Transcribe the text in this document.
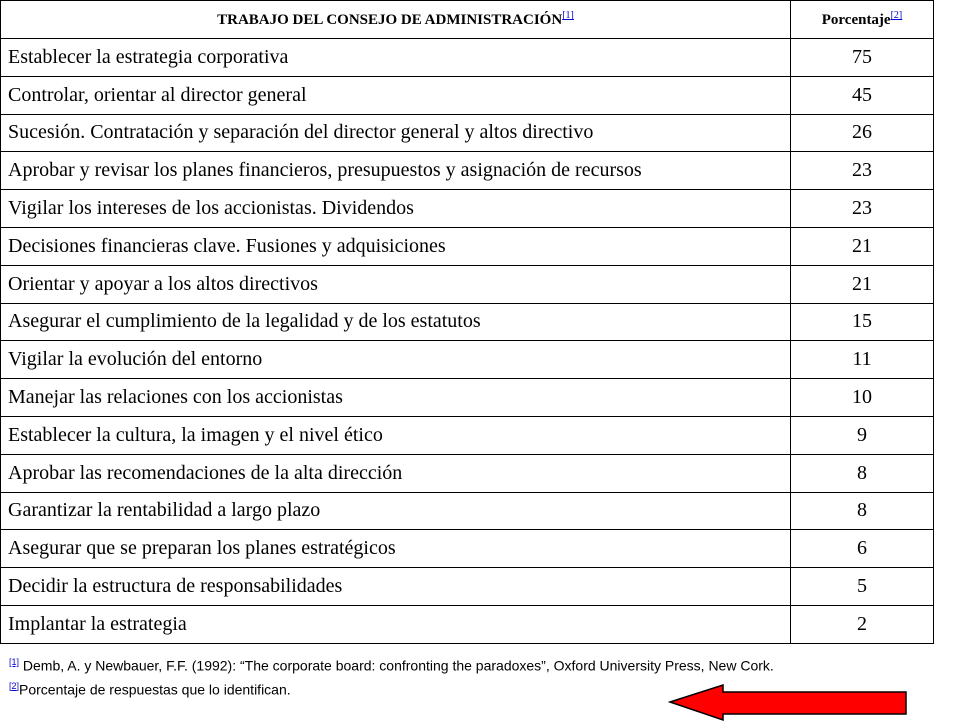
TRABAJO DEL CONSEJO DE ADMINISTRACIÓN[1]	Porcentaje[2]
Establecer la estrategia corporativa	75
Controlar, orientar al director general	45
Sucesión. Contratación y separación del director general y altos directivo	26
Aprobar y revisar los planes financieros, presupuestos y asignación de recursos	23
Vigilar los intereses de los accionistas. Dividendos	23
Decisiones financieras clave. Fusiones y adquisiciones	21
Orientar y apoyar a los altos directivos	21
Asegurar el cumplimiento de la legalidad y de los estatutos	15
Vigilar la evolución del entorno	11
Manejar las relaciones con los accionistas	10
Establecer la cultura, la imagen y el nivel ético	9
Aprobar las recomendaciones de la alta dirección	8
Garantizar la rentabilidad a largo plazo	8
Asegurar que se preparan los planes estratégicos	6
Decidir la estructura de responsabilidades	5
Implantar la estrategia	2
[1] Demb, A. y Newbauer, F.F. (1992): “The corporate board: confronting the paradoxes”, Oxford University Press, New Cork.
[2]Porcentaje de respuestas que lo identifican.
